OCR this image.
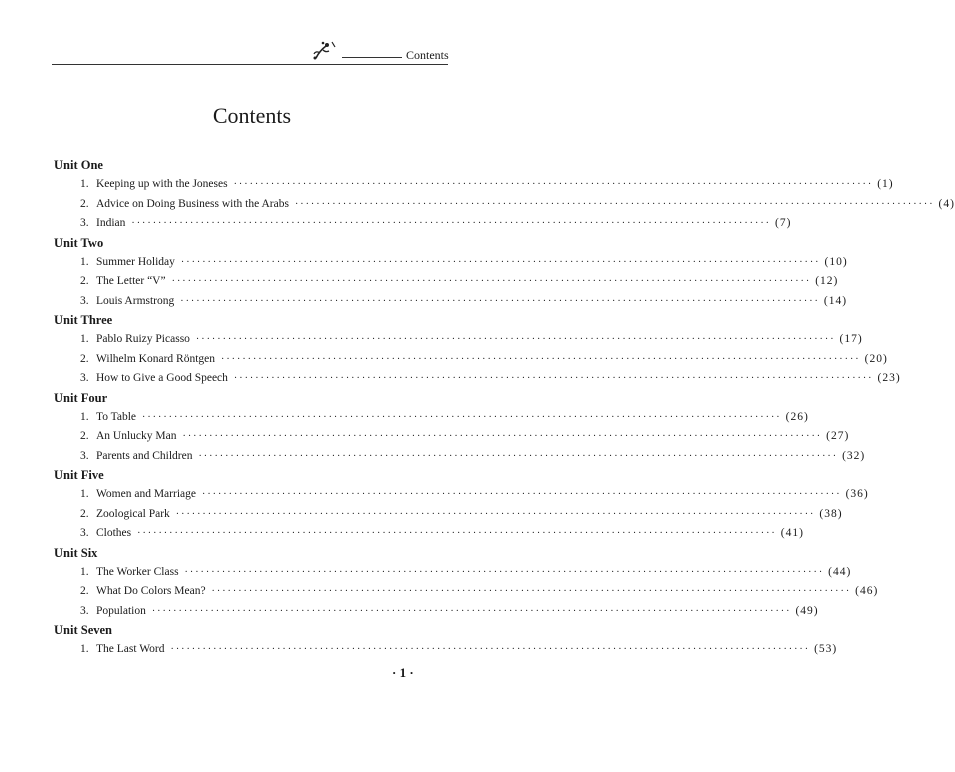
Contents
Contents
Unit One
1. Keeping up with the Joneses ························································································································ (1)
2. Advice on Doing Business with the Arabs ························································································································ (4)
3. Indian ························································································································ (7)
Unit Two
1. Summer Holiday ························································································································ (10)
2. The Letter “V” ························································································································ (12)
3. Louis Armstrong ························································································································ (14)
Unit Three
1. Pablo Ruizy Picasso ························································································································ (17)
2. Wilhelm Konard Röntgen ························································································································ (20)
3. How to Give a Good Speech ························································································································ (23)
Unit Four
1. To Table ························································································································ (26)
2. An Unlucky Man ························································································································ (27)
3. Parents and Children ························································································································ (32)
Unit Five
1. Women and Marriage ························································································································ (36)
2. Zoological Park ························································································································ (38)
3. Clothes ························································································································ (41)
Unit Six
1. The Worker Class ························································································································ (44)
2. What Do Colors Mean? ························································································································ (46)
3. Population ························································································································ (49)
Unit Seven
1. The Last Word ························································································································ (53)
· 1 ·
